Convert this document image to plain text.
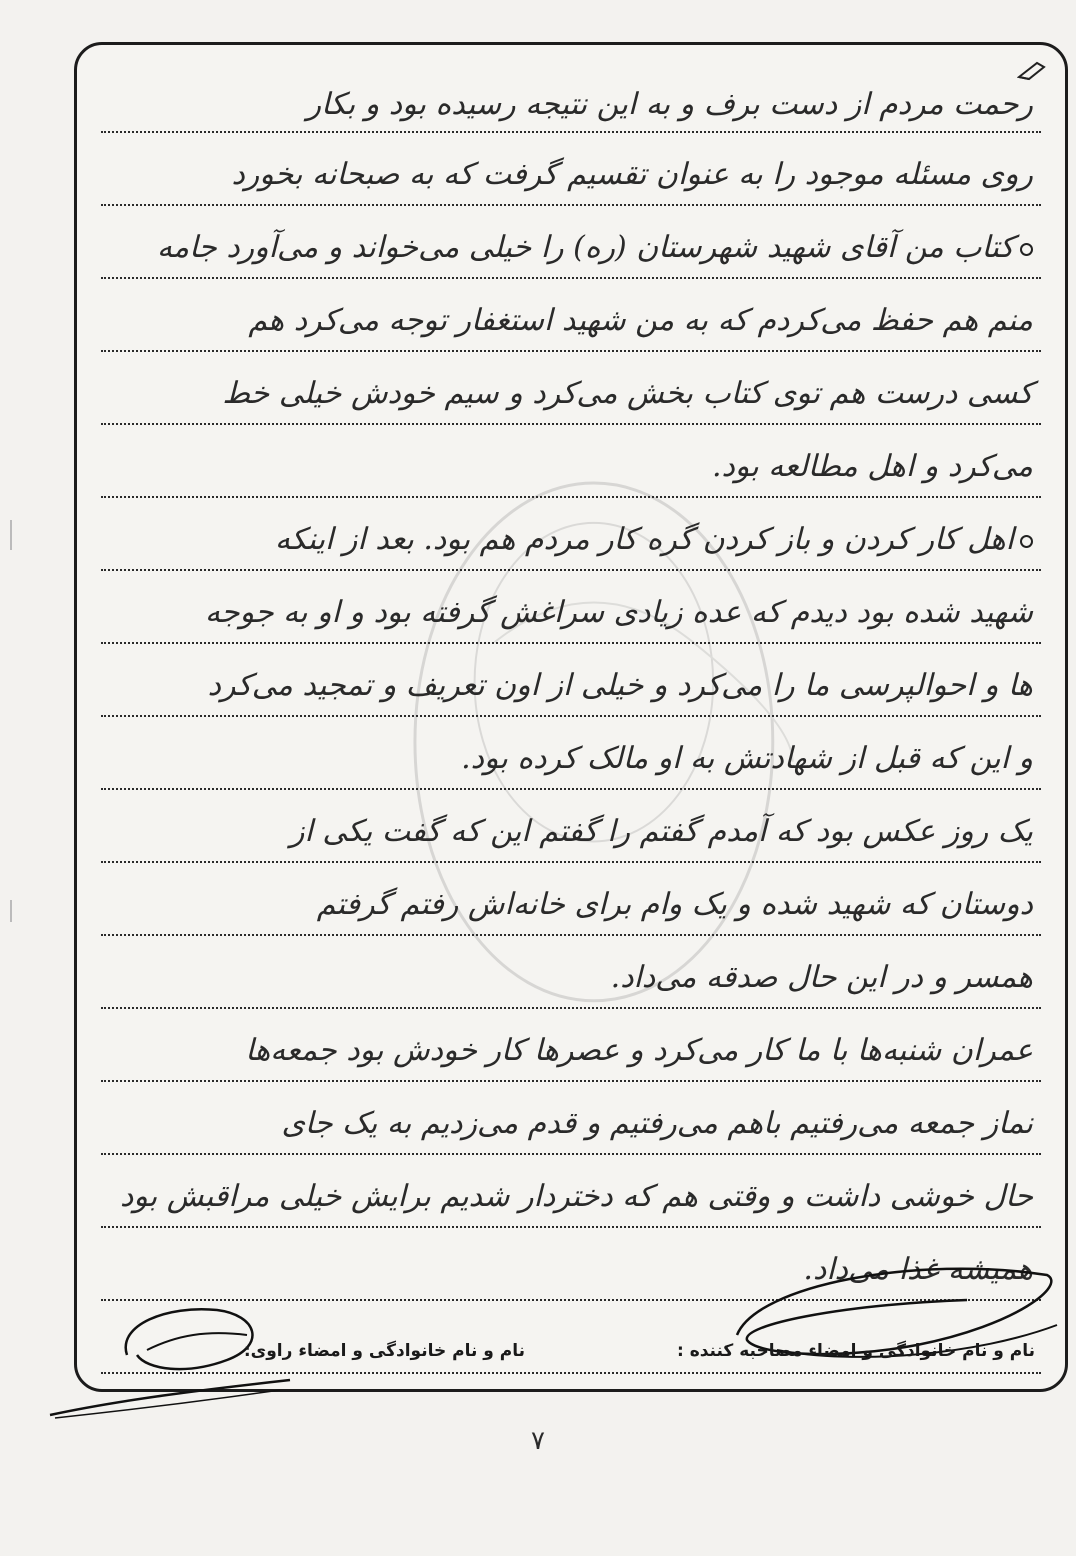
رحمت مردم از دست برف و به این نتیجه رسیده بود و بکار
روی مسئله موجود را به عنوان تقسیم گرفت که به صبحانه بخورد
کتاب من آقای شهید شهرستان (ره) را خیلی می‌خواند و می‌آورد جامه
منم هم حفظ می‌کردم که به من شهید استغفار توجه می‌کرد هم
کسی درست هم توی کتاب بخش می‌کرد و سیم خودش خیلی خط
می‌کرد و اهل مطالعه بود.
اهل کار کردن و باز کردن گره کار مردم هم بود. بعد از اینکه
شهید شده بود دیدم که عده زیادی سراغش گرفته بود و او به جوجه
ها و احوالپرسی ما را می‌کرد و خیلی از اون تعریف و تمجید می‌کرد
و این که قبل از شهادتش به او مالک کرده بود.
یک روز عکس بود که آمدم گفتم را گفتم این که گفت یکی از
دوستان که شهید شده و یک وام برای خانه‌اش رفتم گرفتم
همسر و در این حال صدقه می‌داد.
عمران شنبه‌ها با ما کار می‌کرد و عصرها کار خودش بود جمعه‌ها
نماز جمعه می‌رفتیم باهم می‌رفتیم و قدم می‌زدیم به یک جای
حال خوشی داشت و وقتی هم که دختردار شدیم برایش خیلی مراقبش بود
همیشه غذا می‌داد.
نام و نام خانوادگی و امضاء مصاحبه کننده :
نام و نام خانوادگی و امضاء راوی:
۷
